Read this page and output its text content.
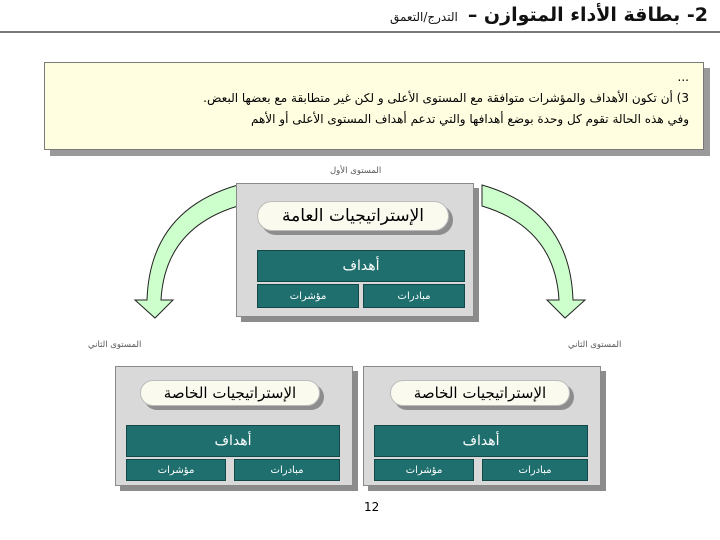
2- بطاقة الأداء المتوازن –
التدرج/التعمق
...
3) أن تكون الأهداف والمؤشرات متوافقة مع المستوى الأعلى و لكن غير متطابقة مع بعضها البعض.
وفي هذه الحالة تقوم كل وحدة بوضع أهدافها والتي تدعم أهداف المستوى الأعلى أو الأهم
المستوى الأول
المستوى الثاني	المستوى الثاني
الإستراتيجيات العامة
أهداف
مؤشرات	مبادرات
الإستراتيجيات الخاصة
أهداف
مؤشرات	مبادرات
الإستراتيجيات الخاصة
أهداف
مؤشرات	مبادرات
12
